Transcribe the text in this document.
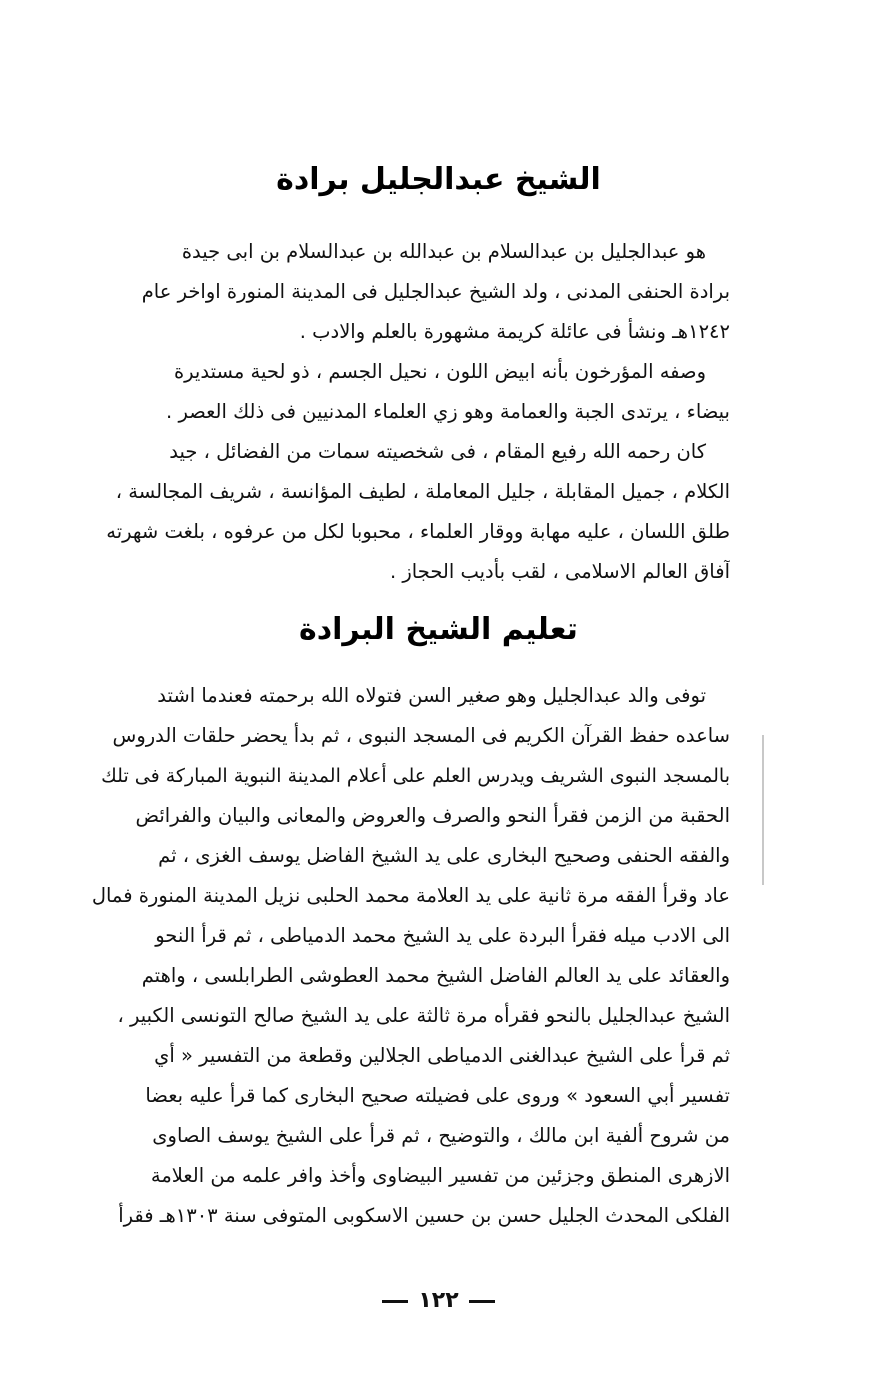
الشيخ عبدالجليل برادة
هو عبدالجليل بن عبدالسلام بن عبدالله بن عبدالسلام بن ابى جيدة
برادة الحنفى المدنى ، ولد الشيخ عبدالجليل فى المدينة المنورة اواخر عام
١٢٤٢هـ ونشأ فى عائلة كريمة مشهورة بالعلم والادب .
وصفه المؤرخون بأنه ابيض اللون ، نحيل الجسم ، ذو لحية مستديرة
بيضاء ، يرتدى الجبة والعمامة وهو زي العلماء المدنيين فى ذلك العصر .
كان رحمه الله رفيع المقام ، فى شخصيته سمات من الفضائل ، جيد
الكلام ، جميل المقابلة ، جليل المعاملة ، لطيف المؤانسة ، شريف المجالسة ،
طلق اللسان ، عليه مهابة ووقار العلماء ، محبوبا لكل من عرفوه ، بلغت شهرته
آفاق العالم الاسلامى ، لقب بأديب الحجاز .
تعليم الشيخ البرادة
توفى والد عبدالجليل وهو صغير السن فتولاه الله برحمته فعندما اشتد
ساعده حفظ القرآن الكريم فى المسجد النبوى ، ثم بدأ يحضر حلقات الدروس
بالمسجد النبوى الشريف ويدرس العلم على أعلام المدينة النبوية المباركة فى تلك
الحقبة من الزمن فقرأ النحو والصرف والعروض والمعانى والبيان والفرائض
والفقه الحنفى وصحيح البخارى على يد الشيخ الفاضل يوسف الغزى ، ثم
عاد وقرأ الفقه مرة ثانية على يد العلامة محمد الحلبى نزيل المدينة المنورة فمال
الى الادب ميله فقرأ البردة على يد الشيخ محمد الدمياطى ، ثم قرأ النحو
والعقائد على يد العالم الفاضل الشيخ محمد العطوشى الطرابلسى ، واهتم
الشيخ عبدالجليل بالنحو فقرأه مرة ثالثة على يد الشيخ صالح التونسى الكبير ،
ثم قرأ على الشيخ عبدالغنى الدمياطى الجلالين وقطعة من التفسير « أي
تفسير أبي السعود » وروى على فضيلته صحيح البخارى كما قرأ عليه بعضا
من شروح ألفية ابن مالك ، والتوضيح ، ثم قرأ على الشيخ يوسف الصاوى
الازهرى المنطق وجزئين من تفسير البيضاوى وأخذ وافر علمه من العلامة
الفلكى المحدث الجليل حسن بن حسين الاسكوبى المتوفى سنة ١٣٠٣هـ فقرأ
١٢٢
